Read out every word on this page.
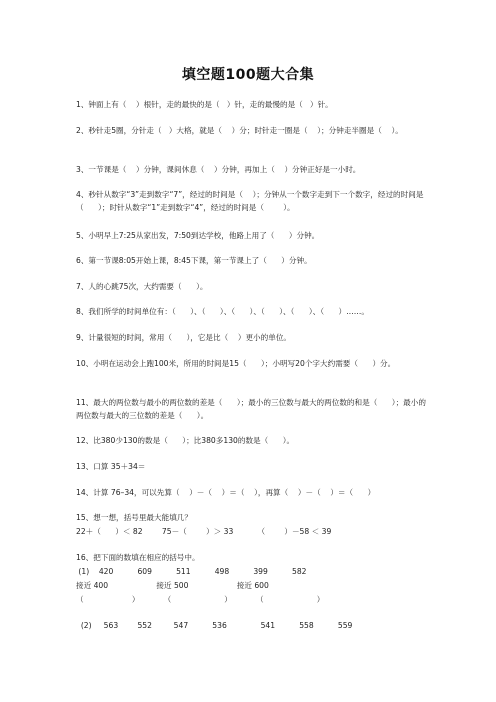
填空题100题大合集
1、钟面上有（    ）根针，走的最快的是（   ）针，走的最慢的是（   ）针。
2、秒针走5圈，分针走（   ）大格，就是（    ）分；时针走一圈是（    ）；分钟走半圈是（    ）。
3、一节课是（    ）分钟，课间休息（    ）分钟，再加上（    ）分钟正好是一小时。
4、秒针从数字“3”走到数字“7”，经过的时间是（    ）；分钟从一个数字走到下一个数字，经过的时间是（      ）；时针从数字“1”走到数字“4”，经过的时间是（        ）。
5、小明早上7:25从家出发，7:50到达学校，他路上用了（      ）分钟。
6、第一节课8:05开始上课，8:45下课，第一节课上了（      ）分钟。
7、人的心跳75次，大约需要（      ）。
8、我们所学的时间单位有：（      ）、（      ）、（      ）、（      ）、（      ）、（      ）……。
9、计量很短的时间，常用（      ），它是比（    ）更小的单位。
10、小明在运动会上跑100米，所用的时间是15（      ）；小明写20个字大约需要（      ）分。
11、最大的两位数与最小的两位数的差是（      ）；最小的三位数与最大的两位数的和是（      ）；最小的两位数与最大的三位数的差是（      ）。
12、比380少130的数是（      ）；比380多130的数是（      ）。
13、口算 35＋34＝
14、计算 76–34，可以先算（    ）－（    ）＝（    ），再算（    ）－（    ）＝（      ）
15、想一想，括号里最大能填几？
22＋（      ）＜ 82        75－（        ）＞ 33          （        ）－58 ＜ 39
16、把下面的数填在相应的括号中。
(1)    420          609          511          498          399          582
接近 400                    接近 500                    接近 600
（                    ）          （                      ）          （                      ）
(2)     563        552         547          536              541          558          559
